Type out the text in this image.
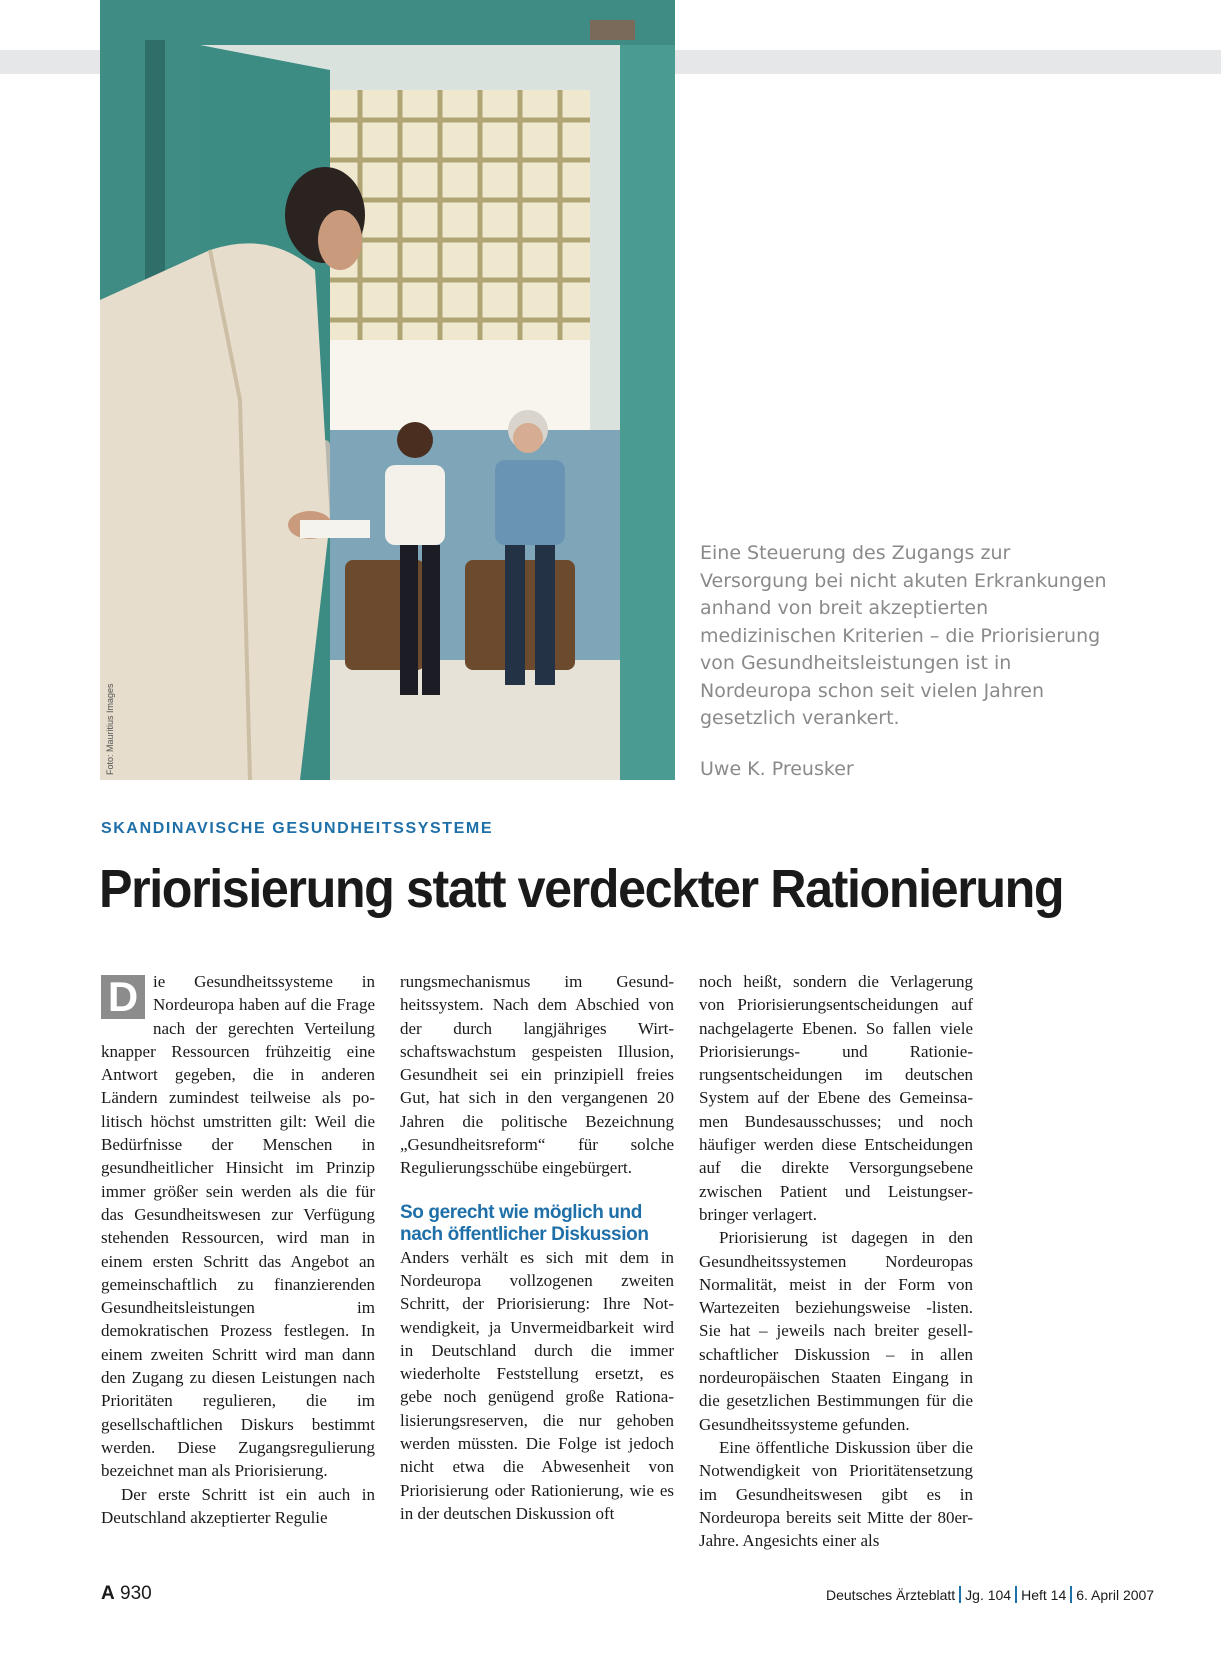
Foto: Mauritius Images

Eine Steuerung des Zugangs zur Versorgung bei nicht akuten Erkrankungen anhand von breit akzeptierten medizinischen Kriterien – die Priorisierung von Gesundheitsleistungen ist in Nordeuropa schon seit vielen Jahren gesetzlich verankert.

Uwe K. Preusker

SKANDINAVISCHE GESUNDHEITSSYSTEME

Priorisierung statt verdeckter Rationierung

D ie Gesundheitssysteme in Nordeuropa haben auf die Frage nach der gerechten Verteilung knapper Ressourcen frühzeitig eine Antwort gegeben, die in anderen Ländern zumindest teilweise als politisch höchst umstritten gilt: Weil die Bedürfnisse der Menschen in gesundheitlicher Hinsicht im Prinzip immer größer sein werden als die für das Gesundheitswesen zur Verfügung stehenden Ressourcen, wird man in einem ersten Schritt das Angebot an gemeinschaftlich zu finanzierenden Gesundheitsleistungen im demokratischen Prozess festlegen. In einem zweiten Schritt wird man dann den Zugang zu diesen Leistungen nach Prioritäten regulieren, die im gesellschaftlichen Diskurs bestimmt werden. Diese Zugangsregulierung bezeichnet man als Priorisierung.

Der erste Schritt ist ein auch in Deutschland akzeptierter Regulie

rungsmechanismus im Gesundheitssystem. Nach dem Abschied von der durch langjähriges Wirtschaftswachstum gespeisten Illusion, Gesundheit sei ein prinzipiell freies Gut, hat sich in den vergangenen 20 Jahren die politische Bezeichnung „Gesundheitsreform“ für solche Regulierungsschübe eingebürgert.

So gerecht wie möglich und nach öffentlicher Diskussion

Anders verhält es sich mit dem in Nordeuropa vollzogenen zweiten Schritt, der Priorisierung: Ihre Notwendigkeit, ja Unvermeidbarkeit wird in Deutschland durch die immer wiederholte Feststellung ersetzt, es gebe noch genügend große Rationalisierungsreserven, die nur gehoben werden müssten. Die Folge ist jedoch nicht etwa die Abwesenheit von Priorisierung oder Rationierung, wie es in der deutschen Diskussion oft

noch heißt, sondern die Verlagerung von Priorisierungsentscheidungen auf nachgelagerte Ebenen. So fallen viele Priorisierungs- und Rationierungsentscheidungen im deutschen System auf der Ebene des Gemeinsamen Bundesausschusses; und noch häufiger werden diese Entscheidungen auf die direkte Versorgungsebene zwischen Patient und Leistungserbringer verlagert.

Priorisierung ist dagegen in den Gesundheitssystemen Nordeuropas Normalität, meist in der Form von Wartezeiten beziehungsweise -listen. Sie hat – jeweils nach breiter gesellschaftlicher Diskussion – in allen nordeuropäischen Staaten Eingang in die gesetzlichen Bestimmungen für die Gesundheitssysteme gefunden.

Eine öffentliche Diskussion über die Notwendigkeit von Prioritätensetzung im Gesundheitswesen gibt es in Nordeuropa bereits seit Mitte der 80er-Jahre. Angesichts einer als

A 930	Deutsches Ärzteblatt Jg. 104 Heft 14 6. April 2007
